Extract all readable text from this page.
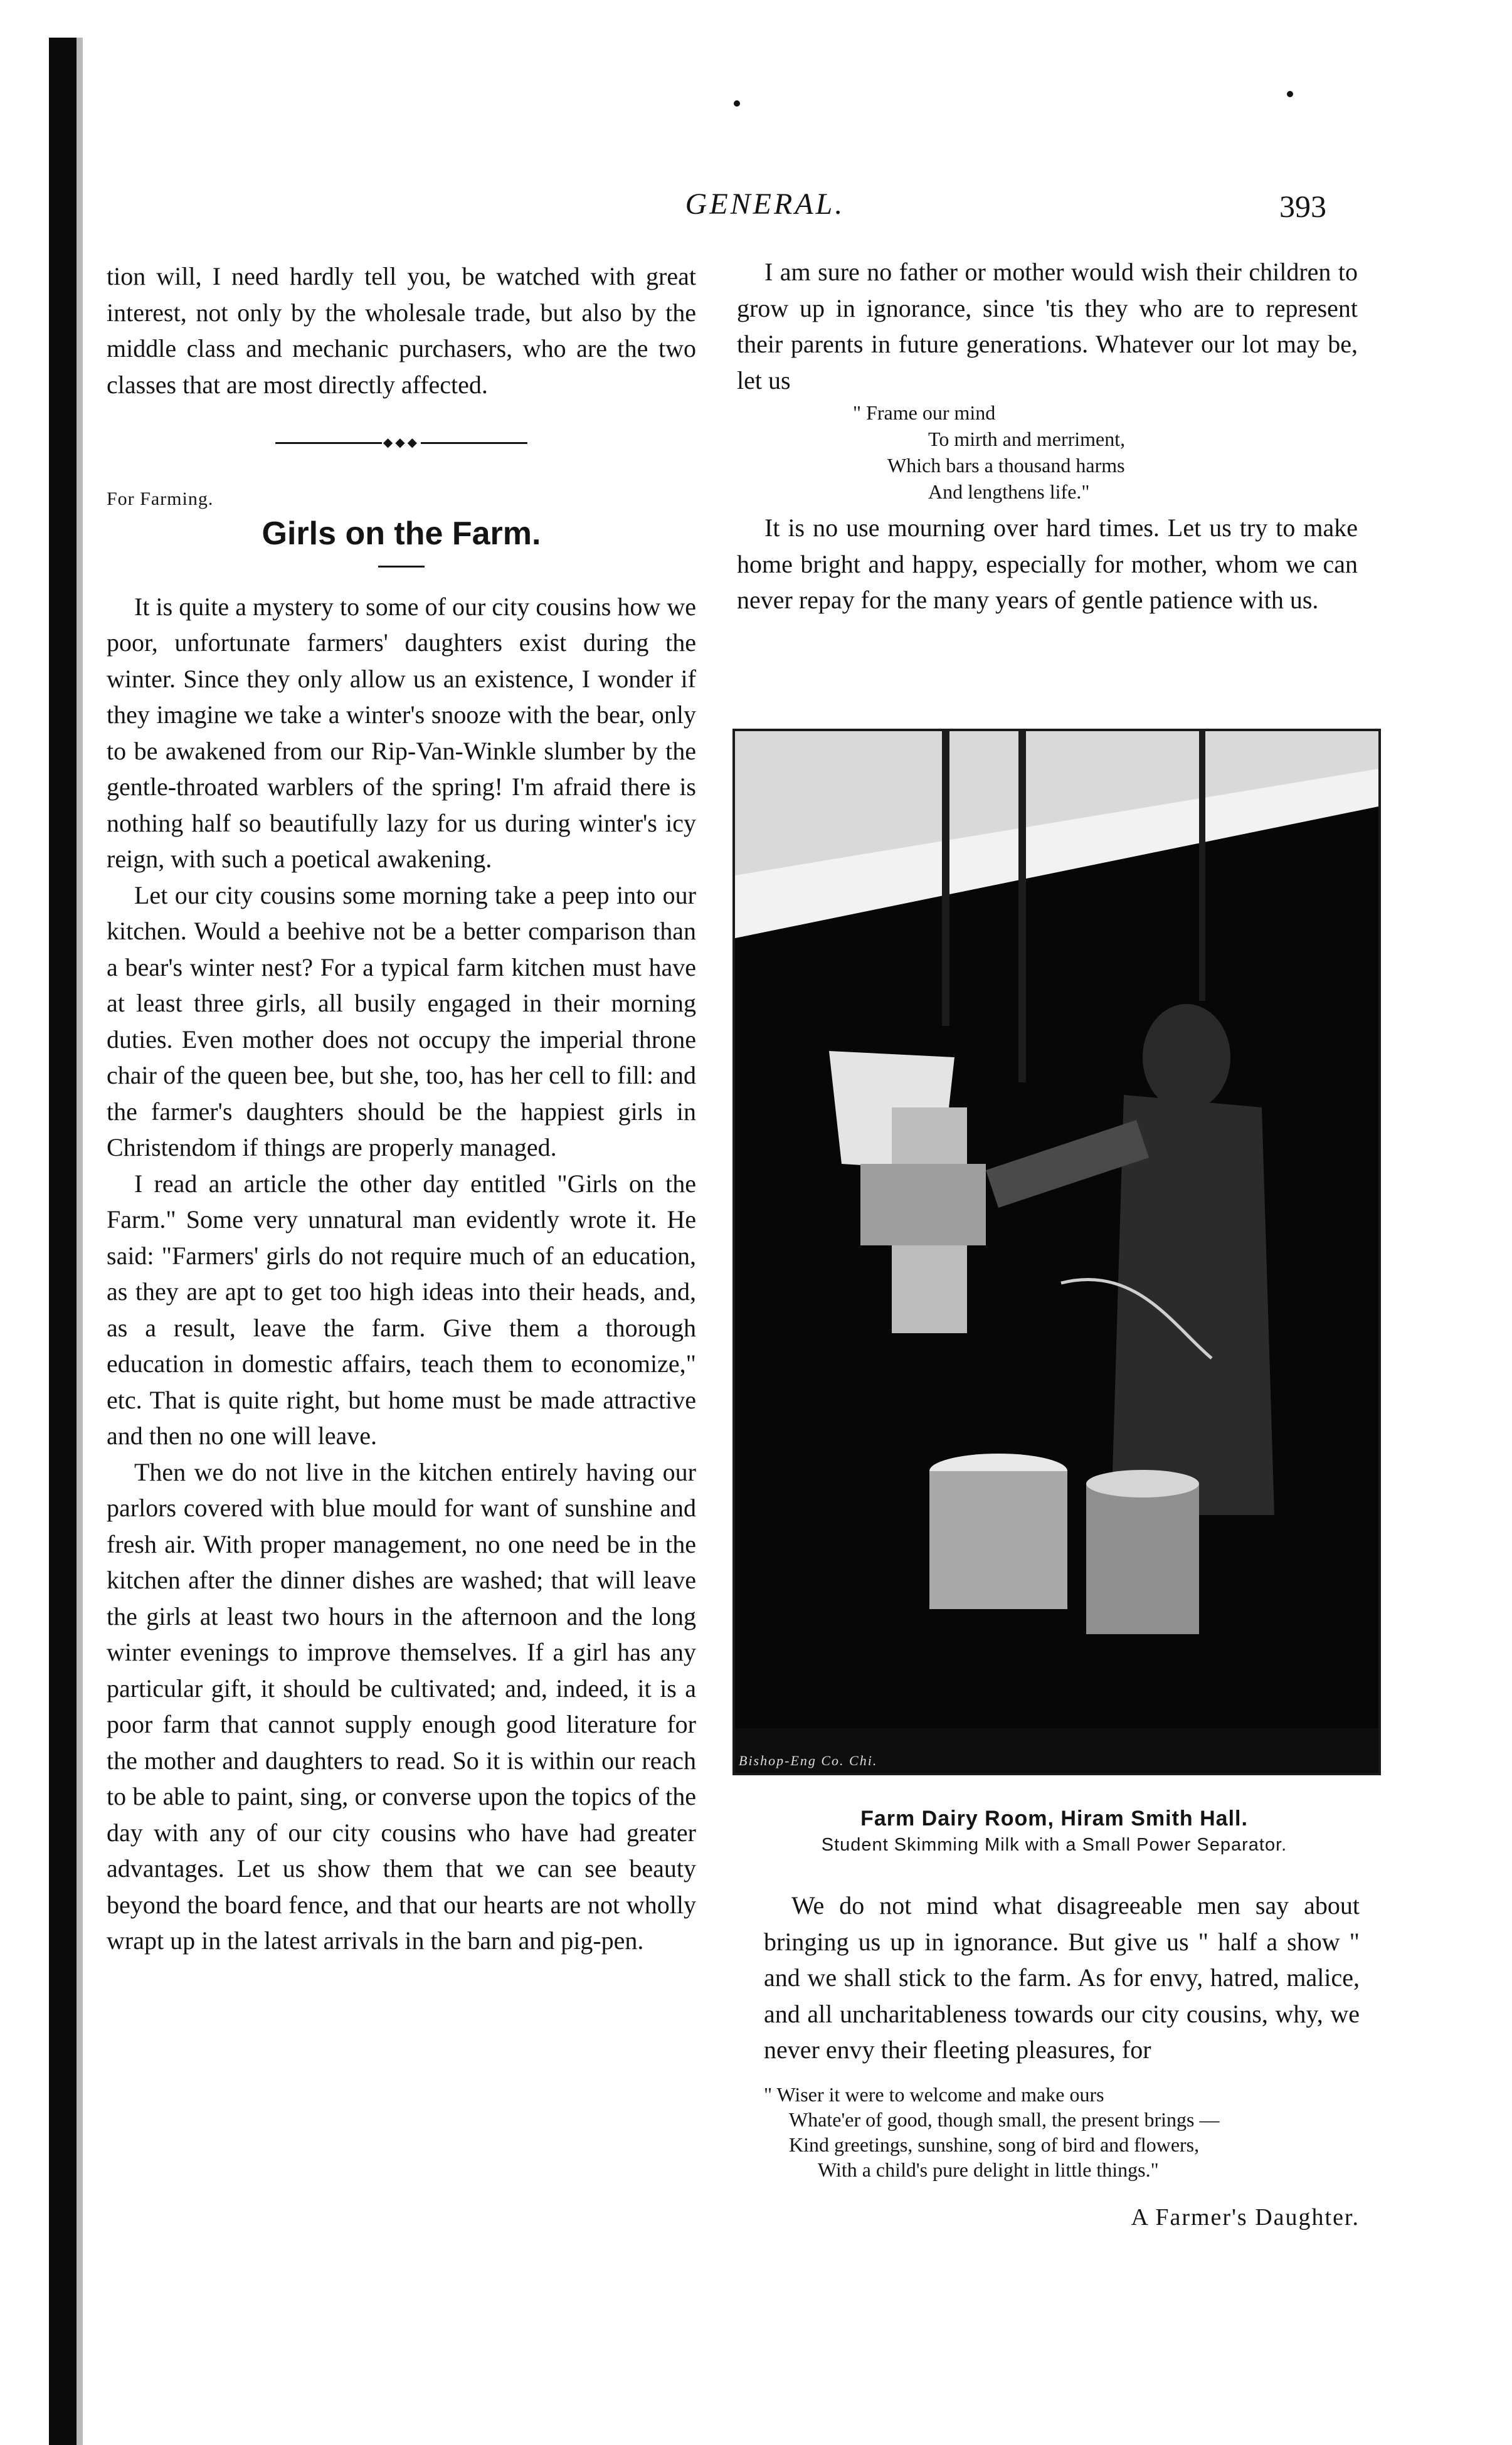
GENERAL.	393

tion will, I need hardly tell you, be watched with great interest, not only by the wholesale trade, but also by the middle class and mechanic purchasers, who are the two classes that are most directly affected.

◆◆◆
For Farming.
Girls on the Farm.

It is quite a mystery to some of our city cousins how we poor, unfortunate farmers' daughters exist during the winter. Since they only allow us an existence, I wonder if they imagine we take a winter's snooze with the bear, only to be awakened from our Rip-Van-Winkle slumber by the gentle-throated warblers of the spring! I'm afraid there is nothing half so beautifully lazy for us during winter's icy reign, with such a poetical awakening.

Let our city cousins some morning take a peep into our kitchen. Would a beehive not be a better comparison than a bear's winter nest? For a typical farm kitchen must have at least three girls, all busily engaged in their morning duties. Even mother does not occupy the imperial throne chair of the queen bee, but she, too, has her cell to fill: and the farmer's daughters should be the happiest girls in Christendom if things are properly managed.

I read an article the other day entitled "Girls on the Farm." Some very unnatural man evidently wrote it. He said: "Farmers' girls do not require much of an education, as they are apt to get too high ideas into their heads, and, as a result, leave the farm. Give them a thorough education in domestic affairs, teach them to economize," etc. That is quite right, but home must be made attractive and then no one will leave.

Then we do not live in the kitchen entirely having our parlors covered with blue mould for want of sunshine and fresh air. With proper management, no one need be in the kitchen after the dinner dishes are washed; that will leave the girls at least two hours in the afternoon and the long winter evenings to improve themselves. If a girl has any particular gift, it should be cultivated; and, indeed, it is a poor farm that cannot supply enough good literature for the mother and daughters to read. So it is within our reach to be able to paint, sing, or converse upon the topics of the day with any of our city cousins who have had greater advantages. Let us show them that we can see beauty beyond the board fence, and that our hearts are not wholly wrapt up in the latest arrivals in the barn and pig-pen.

I am sure no father or mother would wish their children to grow up in ignorance, since 'tis they who are to represent their parents in future generations. Whatever our lot may be, let us

" Frame our mind
To mirth and merriment,
Which bars a thousand harms
And lengthens life."

It is no use mourning over hard times. Let us try to make home bright and happy, especially for mother, whom we can never repay for the many years of gentle patience with us.

Bishop-Eng Co. Chi.
Farm Dairy Room, Hiram Smith Hall.
Student Skimming Milk with a Small Power Separator.

We do not mind what disagreeable men say about bringing us up in ignorance. But give us " half a show " and we shall stick to the farm. As for envy, hatred, malice, and all uncharitableness towards our city cousins, why, we never envy their fleeting pleasures, for

" Wiser it were to welcome and make ours
Whate'er of good, though small, the present brings —
Kind greetings, sunshine, song of bird and flowers,
With a child's pure delight in little things."
A Farmer's Daughter.
